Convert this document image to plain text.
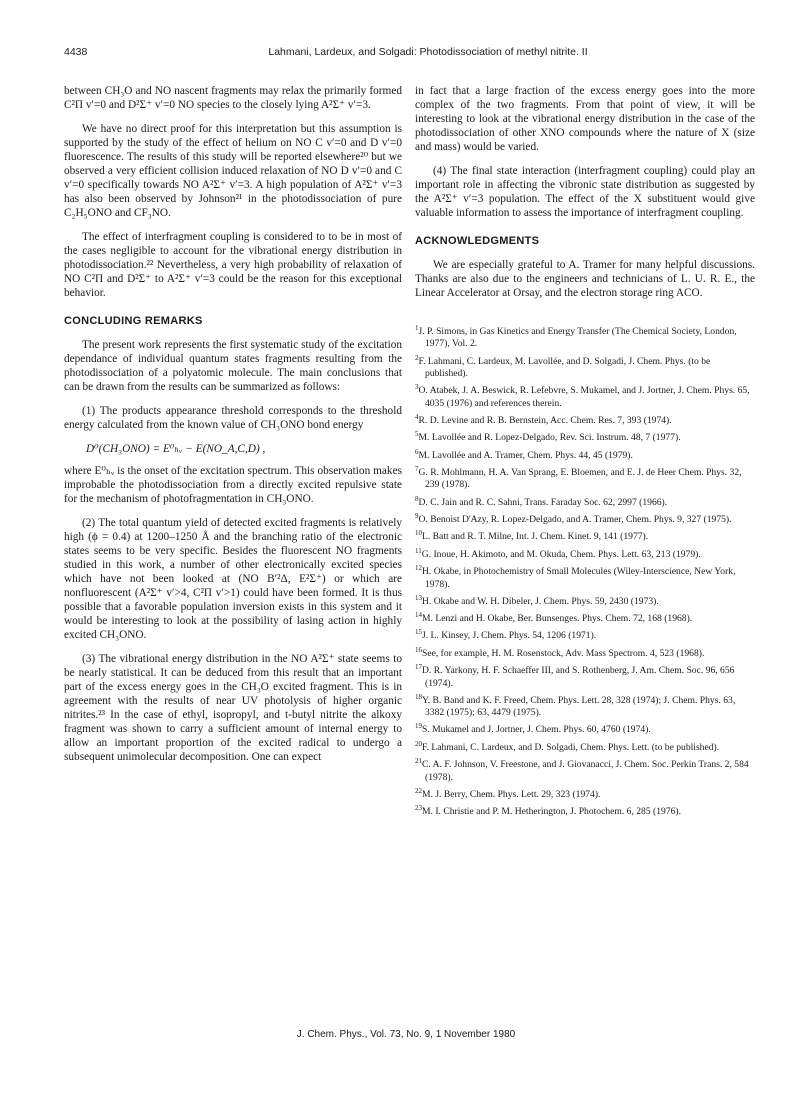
4438	Lahmani, Lardeux, and Solgadi: Photodissociation of methyl nitrite. II

between CH₃O and NO nascent fragments may relax the primarily formed C²Π v′=0 and D²Σ⁺ v′=0 NO species to the closely lying A²Σ⁺ v′=3.

We have no direct proof for this interpretation but this assumption is supported by the study of the effect of helium on NO C v′=0 and D v′=0 fluorescence. The results of this study will be reported elsewhere²⁰ but we observed a very efficient collision induced relaxation of NO D v′=0 and C v′=0 specifically towards NO A²Σ⁺ v′=3. A high population of A²Σ⁺ v′=3 has also been observed by Johnson²¹ in the photodissociation of pure C₂H₅ONO and CF₃NO.

The effect of interfragment coupling is considered to to be in most of the cases negligible to account for the vibrational energy distribution in photodissociation.²² Nevertheless, a very high probability of relaxation of NO C²Π and D²Σ⁺ to A²Σ⁺ v′=3 could be the reason for this exceptional behavior.

CONCLUDING REMARKS

The present work represents the first systematic study of the excitation dependance of individual quantum states fragments resulting from the photodissociation of a polyatomic molecule. The main conclusions that can be drawn from the results can be summarized as follows:

(1) The products appearance threshold corresponds to the threshold energy calculated from the known value of CH₃ONO bond energy

D⁰(CH₃ONO) = E⁰ₕᵥ − E(NO_A,C,D) ,

where E⁰ₕᵥ is the onset of the excitation spectrum. This observation makes improbable the photodissociation from a directly excited repulsive state for the mechanism of photofragmentation in CH₃ONO.

(2) The total quantum yield of detected excited fragments is relatively high (ϕ = 0.4) at 1200–1250 Å and the branching ratio of the electronic states seems to be very specific. Besides the fluorescent NO fragments studied in this work, a number of other electronically excited species which have not been looked at (NO B′²Δ, E²Σ⁺) or which are nonfluorescent (A²Σ⁺ v′>4, C²Π v′>1) could have been formed. It is thus possible that a favorable population inversion exists in this system and it would be interesting to look at the possibility of lasing action in highly excited CH₃ONO.

(3) The vibrational energy distribution in the NO A²Σ⁺ state seems to be nearly statistical. It can be deduced from this result that an important part of the excess energy goes in the CH₃O excited fragment. This is in agreement with the results of near UV photolysis of higher organic nitrites.²³ In the case of ethyl, isopropyl, and t-butyl nitrite the alkoxy fragment was shown to carry a sufficient amount of internal energy to allow an important proportion of the excited radical to undergo a subsequent unimolecular decomposition. One can expect

in fact that a large fraction of the excess energy goes into the more complex of the two fragments. From that point of view, it will be interesting to look at the vibrational energy distribution in the case of the photodissociation of other XNO compounds where the nature of X (size and mass) would be varied.

(4) The final state interaction (interfragment coupling) could play an important role in affecting the vibronic state distribution as suggested by the A²Σ⁺ v′=3 population. The effect of the X substituent would give valuable information to assess the importance of interfragment coupling.

ACKNOWLEDGMENTS

We are especially grateful to A. Tramer for many helpful discussions. Thanks are also due to the engineers and technicians of L. U. R. E., the Linear Accelerator at Orsay, and the electron storage ring ACO.

$^1$J. P. Simons, in Gas Kinetics and Energy Transfer (The Chemical Society, London, 1977), Vol. 2.
$^2$F. Lahmani, C. Lardeux, M. Lavollée, and D. Solgadi, J. Chem. Phys. (to be published).
$^3$O. Atabek, J. A. Beswick, R. Lefebvre, S. Mukamel, and J. Jortner, J. Chem. Phys. 65, 4035 (1976) and references therein.
$^4$R. D. Levine and R. B. Bernstein, Acc. Chem. Res. 7, 393 (1974).
$^5$M. Lavollée and R. Lopez-Delgado, Rev. Sci. Instrum. 48, 7 (1977).
$^6$M. Lavollée and A. Tramer, Chem. Phys. 44, 45 (1979).
$^7$G. R. Mohlmann, H. A. Van Sprang, E. Bloemen, and E. J. de Heer Chem. Phys. 32, 239 (1978).
$^8$D. C. Jain and R. C. Sahni, Trans. Faraday Soc. 62, 2997 (1966).
$^9$O. Benoist D'Azy, R. Lopez-Delgado, and A. Tramer, Chem. Phys. 9, 327 (1975).
$^{10}$L. Batt and R. T. Milne, Int. J. Chem. Kinet. 9, 141 (1977).
$^{11}$G. Inoue, H. Akimoto, and M. Okuda, Chem. Phys. Lett. 63, 213 (1979).
$^{12}$H. Okabe, in Photochemistry of Small Molecules (Wiley-Interscience, New York, 1978).
$^{13}$H. Okabe and W. H. Dibeler, J. Chem. Phys. 59, 2430 (1973).
$^{14}$M. Lenzi and H. Okabe, Ber. Bunsenges. Phys. Chem. 72, 168 (1968).
$^{15}$J. L. Kinsey, J. Chem. Phys. 54, 1206 (1971).
$^{16}$See, for example, H. M. Rosenstock, Adv. Mass Spectrom. 4, 523 (1968).
$^{17}$D. R. Yarkony, H. F. Schaeffer III, and S. Rothenberg, J. Am. Chem. Soc. 96, 656 (1974).
$^{18}$Y. B. Band and K. F. Freed, Chem. Phys. Lett. 28, 328 (1974); J. Chem. Phys. 63, 3382 (1975); 63, 4479 (1975).
$^{19}$S. Mukamel and J. Jortner, J. Chem. Phys. 60, 4760 (1974).
$^{20}$F. Lahmani, C. Lardeux, and D. Solgadi, Chem. Phys. Lett. (to be published).
$^{21}$C. A. F. Johnson, V. Freestone, and J. Giovanacci, J. Chem. Soc. Perkin Trans. 2, 584 (1978).
$^{22}$M. J. Berry, Chem. Phys. Lett. 29, 323 (1974).
$^{23}$M. I. Christie and P. M. Hetherington, J. Photochem. 6, 285 (1976).
J. Chem. Phys., Vol. 73, No. 9, 1 November 1980
